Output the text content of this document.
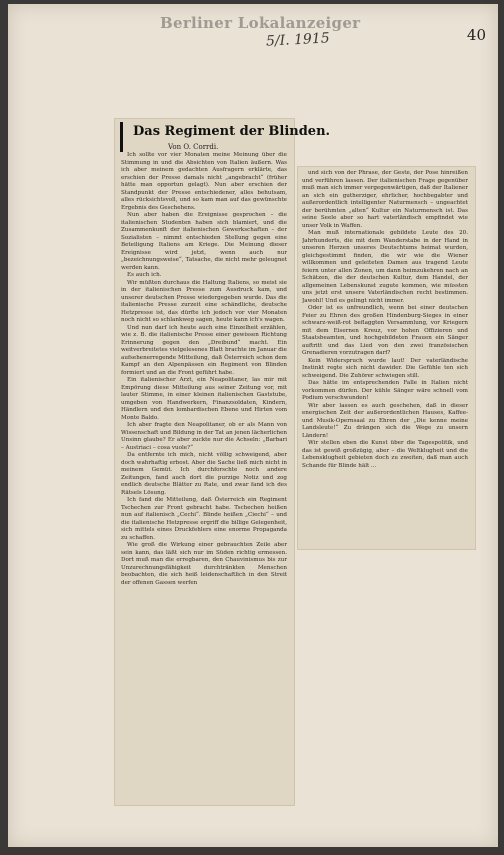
Berliner Lokalanzeiger
40
5/I. 1915
Das Regiment der Blinden.
Von O. Corrdi.

Ich sollte vor vier Monaten meine Meinung über die Stimmung in und die Absichten von Italien äußern. Was ich aber meinem gedachten Ausfragern erklärte, das erschien der Presse damals nicht „angebracht“ (früher hätte man opportun gelagt). Nun aber erschien der Standpunkt der Presse entschiedener, alles behutsam, alles rücksichtsvoll, und so kam man auf das gewünschte Ergebnis des Geschehens.

Nun aber haben die Ereignisse gesprochen – die italienischen Studenten haben sich blamiert, und die Zusammenkunft der italienischen Gewerkschaften – der Sozialisten – nimmt entschieden Stellung gegen eine Beteiligung Italiens am Kriege. Die Meinung dieser Ereignisse wird jetzt, wenn auch nur „bezeichnungsweise“, Tatsache, die nicht mehr geleugnet werden kann.

Es auch ich.

Wir müßten durchaus die Haltung Italiens, so meist sie in der italienischen Presse zum Ausdruck kam, und unserer deutschen Presse wiedergegeben wurde. Das die italienische Presse zurzeit eine schändliche, deutsche Hetzpresse ist, das dürfte ich jedoch vor vier Monaten noch nicht so schlankweg sagen, heute kann ich's wagen.

Und nun darf ich heute auch eine Einzelheit erzählen, wie z. B. die italienische Presse einer gewissen Richtung Erinnerung gegen den „Dreibund“ macht. Ein weitverbreitetes vielgelesenes Blatt brachte im Januar die aufsehenerregende Mitteilung, daß Österreich schon dem Kampf an den Alpenpässen ein Regiment von Blinden formiert und an die Front geführt habe.

Ein italienischer Arzt, ein Neapolitaner, las mir mit Empörung diese Mitteilung aus seiner Zeitung vor, mit lauter Stimme, in einer kleinen italienischen Gaststube, umgeben von Handwerkern, Finanzsoldaten, Kindern, Händlern und den lombardischen Ebene und Hirten vom Monte Baldo.

Ich aber fragte den Neapolitaner, ob er als Mann von Wissenschaft und Bildung in der Tat an jenen lächerlichen Unsinn glaube? Er aber zuckte nur die Achseln: „Barbari – Austriaci – cosa vuole?“

Da entfernte ich mich, nicht völlig schweigend, aber doch wahrhaftig erbost. Aber die Sache ließ mich nicht in meinem Gemüt. Ich durchforschte noch andere Zeitungen, fand auch dort die purzige Notiz und zog endlich deutsche Blätter zu Rate, und zwar fand ich des Rätsels Lösung.

Ich fand die Mitteilung, daß Österreich ein Regiment Tschechen zur Front gebracht habe. Tschechen heißen nun auf italienisch „Cechi“. Blinde heißen „Ciechi“ – und die italienische Hetzpresse ergriff die billige Gelegenheit, sich mittels eines Druckfehlers eine enorme Propaganda zu schaffen.

Wie groß die Wirkung einer gebrauchten Zeile aber sein kann, das läßt sich nur im Süden richtig ermessen. Dort muß man die erregbaren, den Chauvinismus bis zur Unzurechnungsfähigkeit durchtränkten Menschen beobachten, die sich heiß leidenschaftlich in den Streit der offenen Gassen werfen

und sich von der Phrase, der Geste, der Pose hinreißen und verführen lassen. Der italienischen Frage gegenüber muß man sich immer vergegenwärtigen, daß der Italiener an sich ein gutherziger, ehrlicher, hochbegabter und außerordentlich intelligenter Naturmensch – ungeachtet der berühmten „alten“ Kultur ein Naturmensch ist. Das seine Seele aber so hart vaterländisch empfindet wie unser Volk in Waffen.

Man muß internationale gebildete Leute des 20. Jahrhunderts, die mit dem Wanderstabe in der Hand in unseren Herzen unseres Deutschtums heimat wurden, gleichgestimmt finden, die wir wie die Wiener willkommen und geleiteten Damen aus tragend Leute feiern unter allen Zonen, um dann heimzukehren nach an Schätzen, die der deutschen Kultur, dem Handel, der allgemeinen Lebenskunst zugute kommen, wie müssten uns jetzt erst unsere Vaterländischen recht bestimmen. Jawohl! Und es gelingt nicht immer.

Oder ist es unfreundlich, wenn bei einer deutschen Feier zu Ehren des großen Hindenburg-Sieges in einer schwarz-weiß-rot beflaggten Versammlung, vor Kriegern mit dem Eisernen Kreuz, vor hohen Offizieren und Staatsbeamten, und hochgebildeten Frauen ein Sänger auftritt und das Lied von den zwei französischen Grenadieren vorzutragen darf?

Kein Widerspruch wurde laut! Der vaterländische Instinkt regte sich nicht dawider. Die Gefühle ten sich schweigend. Die Zuhörer schwiegen still.

Das hätte im entsprechenden Falle in Italien nicht vorkommen dürfen. Der kühle Sänger wäre schnell vom Podium verschwunden!

Wir aber lassen es auch geschehen, daß in dieser energischen Zeit der außerordentlichen Hauses, Kaffee- und Musik-Opernsaal zu Ehren der „Die kenne meine Landsleute!“ Zu drängen sich die Wege zu unsern Ländern!

Wir stellen eben die Kunst über die Tagespolitik, und das ist gewiß großzügig, aber – die Weltklugheit und die Lebensklugheit gebieten doch zu zweiten, daß man auch Schande für Blinde hält ...
